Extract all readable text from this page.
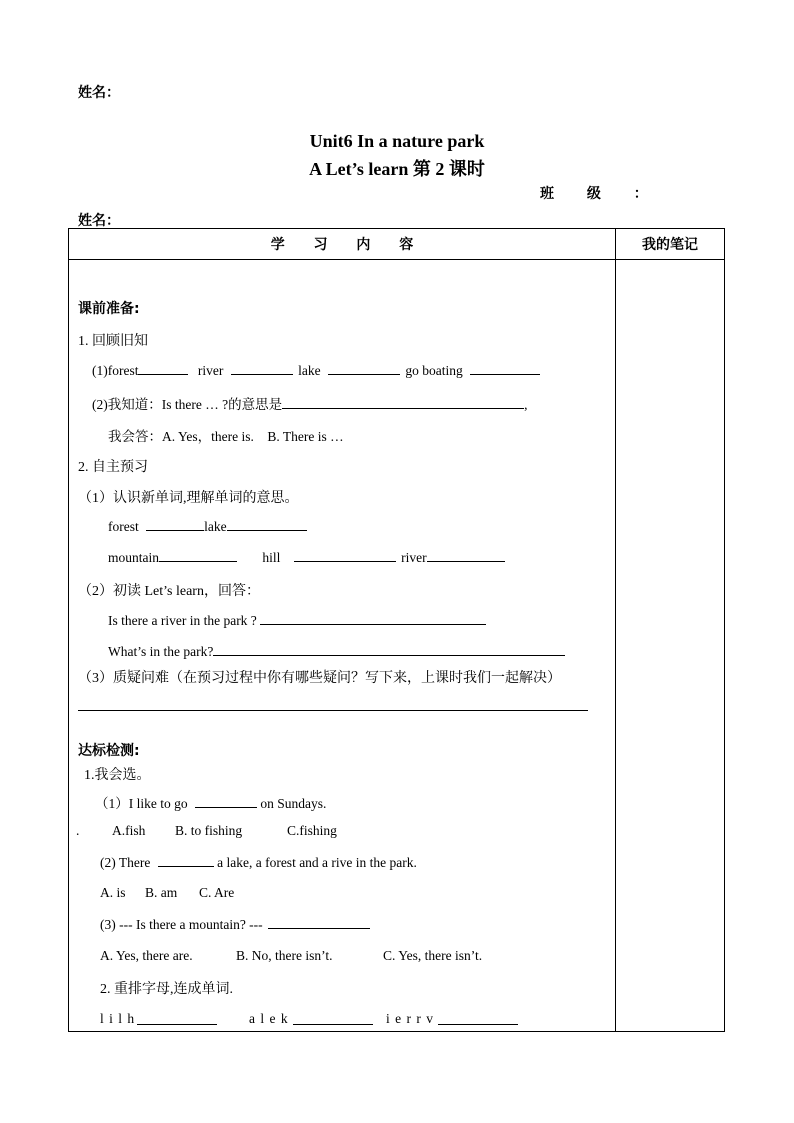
姓名：
Unit6 In a nature park
A Let’s learn 第 2 课时
班 级 ：
姓名：
学 习 内 容	我的笔记

课前准备:
1. 回顾旧知
(1)forest	river	lake	go boating
(2)我知道：Is there … ?的意思是	,
我会答：A. Yes，there is.　B. There is …
2. 自主预习
（1）认识新单词,理解单词的意思。
forest	lake
mountain	hill	river
（2）初读 Let’s learn，回答：
Is there a river in the park ?
What’s in the park?
（3）质疑问难（在预习过程中你有哪些疑问？写下来，上课时我们一起解决）
达标检测:
1.我会选。
（1）I like to go	on Sundays.
. A.fish B. to fishing	C.fishing
(2) There	a lake, a forest and a rive in the park.
A. is B. am C. Are
(3) --- Is there a mountain? ---
A. Yes, there are.	B. No, there isn’t.	C. Yes, there isn’t.
2. 重排字母,连成单词.
l i l h	a l e k	i e r r v
